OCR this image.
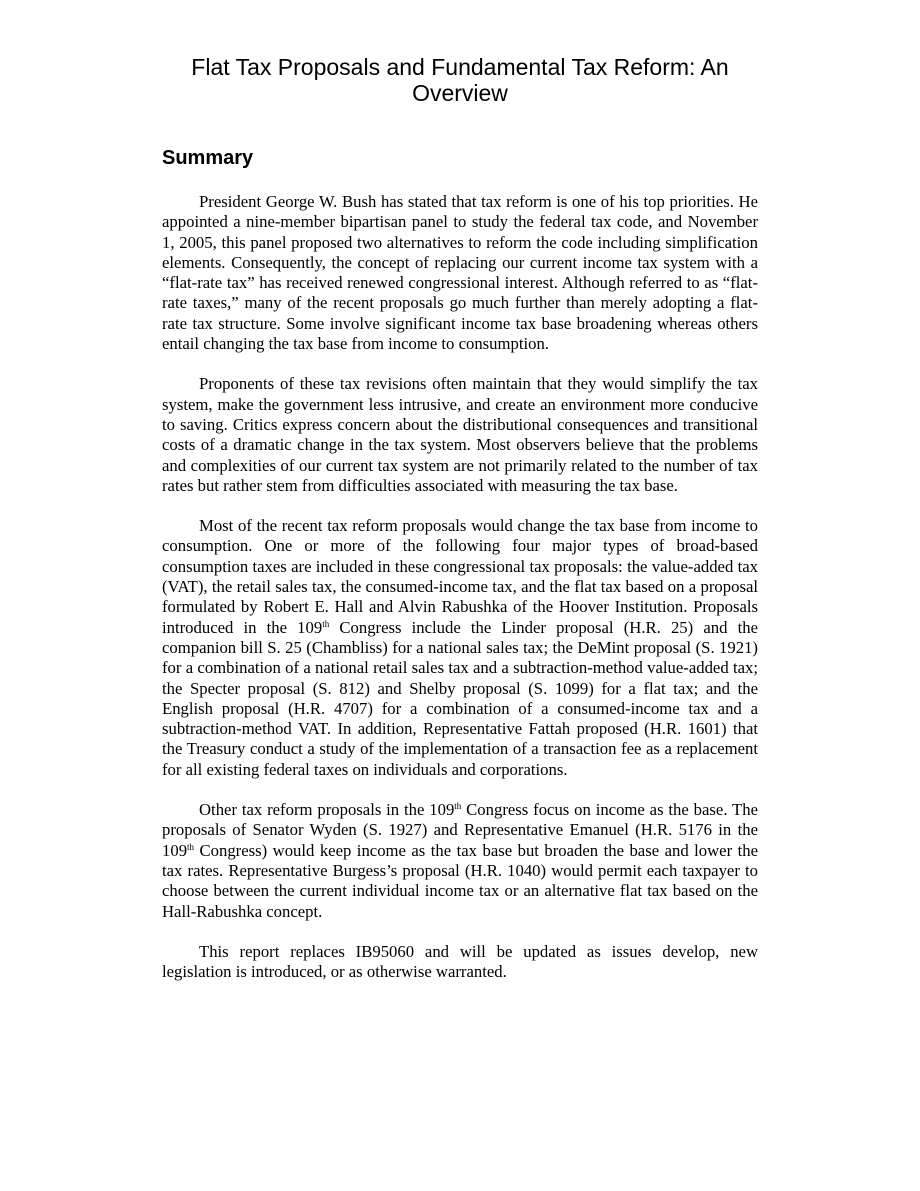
Flat Tax Proposals and Fundamental Tax Reform: An Overview
Summary

President George W. Bush has stated that tax reform is one of his top priorities. He appointed a nine-member bipartisan panel to study the federal tax code, and November 1, 2005, this panel proposed two alternatives to reform the code including simplification elements. Consequently, the concept of replacing our current income tax system with a “flat-rate tax” has received renewed congressional interest. Although referred to as “flat-rate taxes,” many of the recent proposals go much further than merely adopting a flat-rate tax structure. Some involve significant income tax base broadening whereas others entail changing the tax base from income to consumption.

Proponents of these tax revisions often maintain that they would simplify the tax system, make the government less intrusive, and create an environment more conducive to saving. Critics express concern about the distributional consequences and transitional costs of a dramatic change in the tax system. Most observers believe that the problems and complexities of our current tax system are not primarily related to the number of tax rates but rather stem from difficulties associated with measuring the tax base.

Most of the recent tax reform proposals would change the tax base from income to consumption. One or more of the following four major types of broad-based consumption taxes are included in these congressional tax proposals: the value-added tax (VAT), the retail sales tax, the consumed-income tax, and the flat tax based on a proposal formulated by Robert E. Hall and Alvin Rabushka of the Hoover Institution. Proposals introduced in the 109th Congress include the Linder proposal (H.R. 25) and the companion bill S. 25 (Chambliss) for a national sales tax; the DeMint proposal (S. 1921) for a combination of a national retail sales tax and a subtraction-method value-added tax; the Specter proposal (S. 812) and Shelby proposal (S. 1099) for a flat tax; and the English proposal (H.R. 4707) for a combination of a consumed-income tax and a subtraction-method VAT. In addition, Representative Fattah proposed (H.R. 1601) that the Treasury conduct a study of the implementation of a transaction fee as a replacement for all existing federal taxes on individuals and corporations.

Other tax reform proposals in the 109th Congress focus on income as the base. The proposals of Senator Wyden (S. 1927) and Representative Emanuel (H.R. 5176 in the 109th Congress) would keep income as the tax base but broaden the base and lower the tax rates. Representative Burgess’s proposal (H.R. 1040) would permit each taxpayer to choose between the current individual income tax or an alternative flat tax based on the Hall-Rabushka concept.

This report replaces IB95060 and will be updated as issues develop, new legislation is introduced, or as otherwise warranted.
